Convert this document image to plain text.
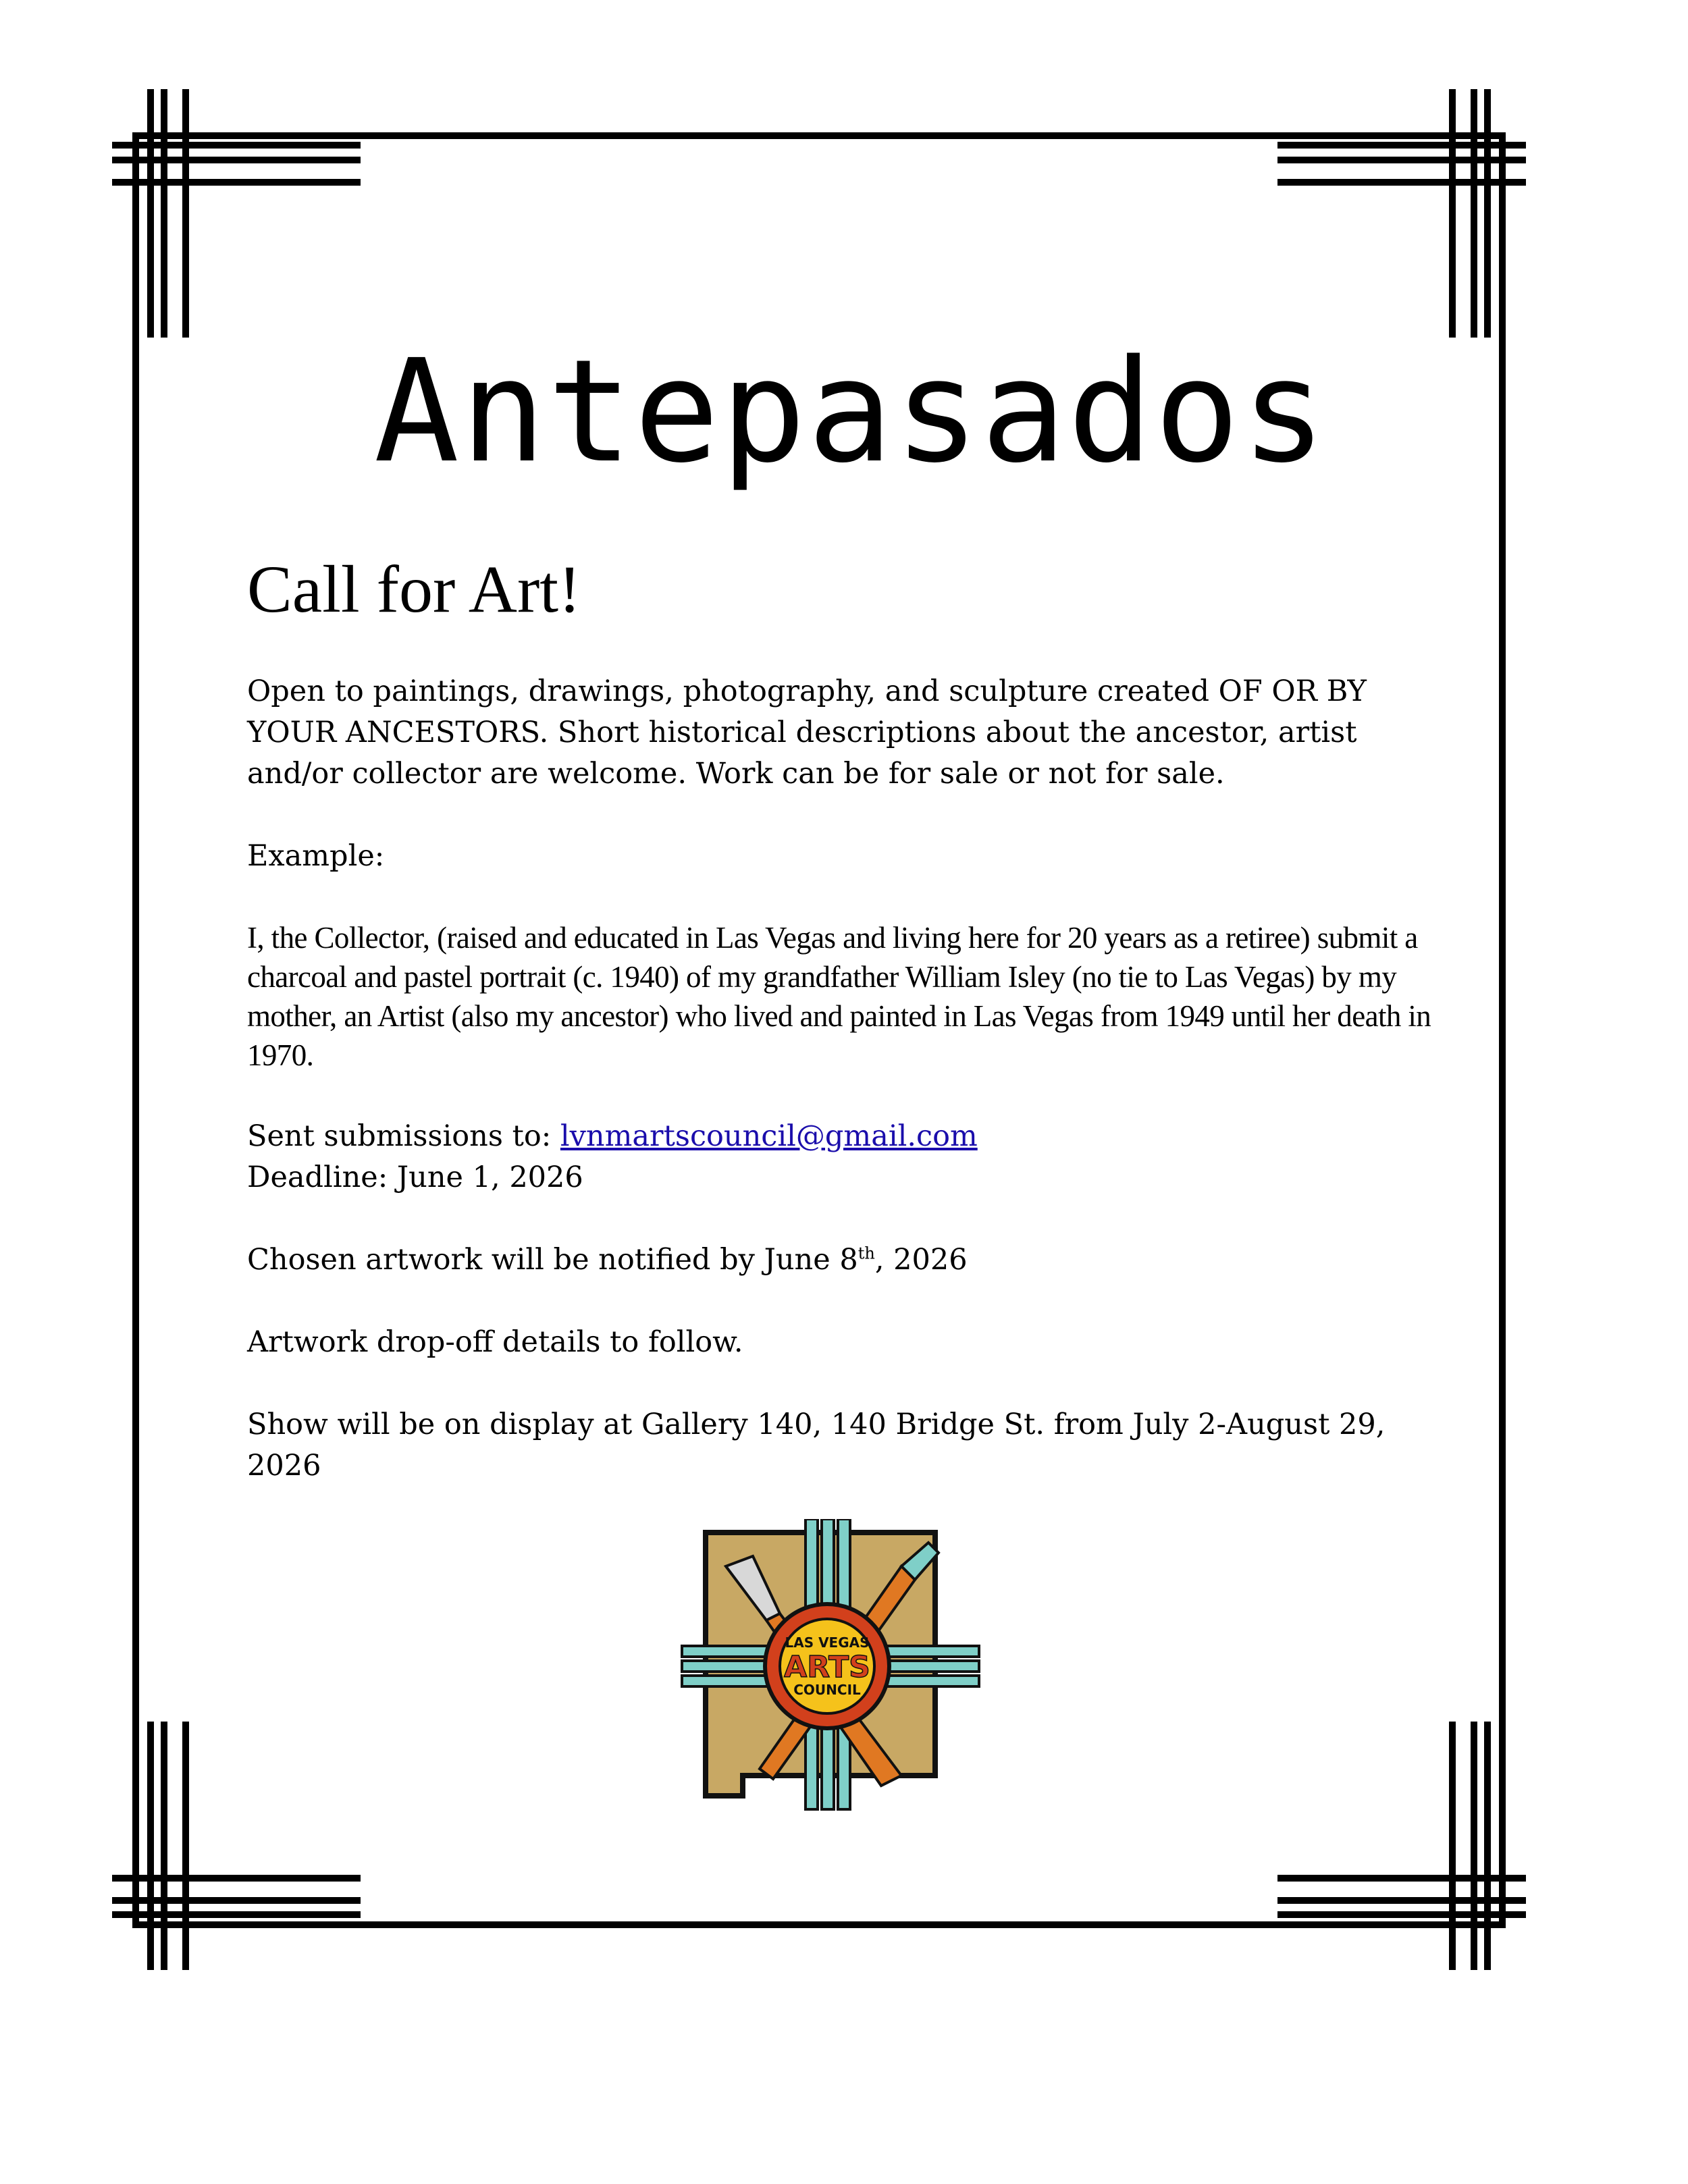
Antepasados
Call for Art!

Open to paintings, drawings, photography, and sculpture created OF OR BY YOUR ANCESTORS. Short historical descriptions about the ancestor, artist and/or collector are welcome. Work can be for sale or not for sale.

Example:

I, the Collector, (raised and educated in Las Vegas and living here for 20 years as a retiree) submit a charcoal and pastel portrait (c. 1940) of my grandfather William Isley (no tie to Las Vegas) by my mother, an Artist (also my ancestor) who lived and painted in Las Vegas from 1949 until her death in 1970.

Sent submissions to: lvnmartscouncil@gmail.com

Deadline: June 1, 2026

Chosen artwork will be notified by June 8th, 2026

Artwork drop-off details to follow.

Show will be on display at Gallery 140, 140 Bridge St. from July 2-August 29, 2026

LAS VEGAS
ARTS
COUNCIL
